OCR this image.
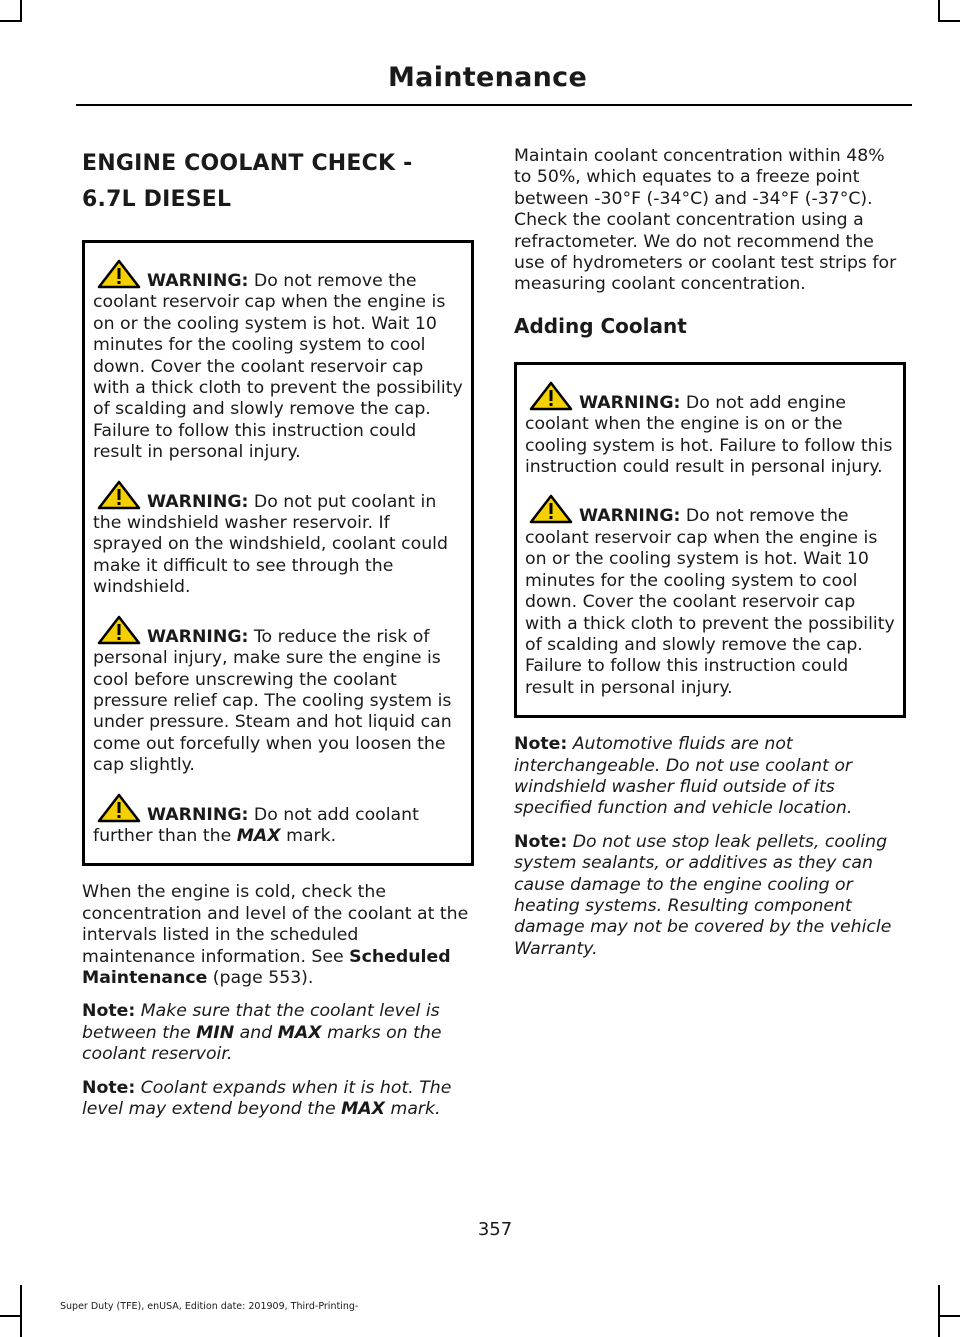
Maintenance
ENGINE COOLANT CHECK -
6.7L DIESEL
WARNING: Do not remove the coolant reservoir cap when the engine is on or the cooling system is hot. Wait 10 minutes for the cooling system to cool down. Cover the coolant reservoir cap with a thick cloth to prevent the possibility of scalding and slowly remove the cap. Failure to follow this instruction could result in personal injury.
WARNING: Do not put coolant in the windshield washer reservoir. If sprayed on the windshield, coolant could make it difficult to see through the windshield.
WARNING: To reduce the risk of personal injury, make sure the engine is cool before unscrewing the coolant pressure relief cap. The cooling system is under pressure. Steam and hot liquid can come out forcefully when you loosen the cap slightly.
WARNING: Do not add coolant further than the MAX mark.
When the engine is cold, check the concentration and level of the coolant at the intervals listed in the scheduled maintenance information. See Scheduled Maintenance (page 553).
Note: Make sure that the coolant level is between the MIN and MAX marks on the coolant reservoir.
Note: Coolant expands when it is hot. The level may extend beyond the MAX mark.
Maintain coolant concentration within 48% to 50%, which equates to a freeze point between -30°F (-34°C) and -34°F (-37°C). Check the coolant concentration using a refractometer. We do not recommend the use of hydrometers or coolant test strips for measuring coolant concentration.
Adding Coolant
WARNING: Do not add engine coolant when the engine is on or the cooling system is hot. Failure to follow this instruction could result in personal injury.
WARNING: Do not remove the coolant reservoir cap when the engine is on or the cooling system is hot. Wait 10 minutes for the cooling system to cool down. Cover the coolant reservoir cap with a thick cloth to prevent the possibility of scalding and slowly remove the cap. Failure to follow this instruction could result in personal injury.
Note: Automotive fluids are not interchangeable. Do not use coolant or windshield washer fluid outside of its specified function and vehicle location.
Note: Do not use stop leak pellets, cooling system sealants, or additives as they can cause damage to the engine cooling or heating systems. Resulting component damage may not be covered by the vehicle Warranty.
357
Super Duty (TFE), enUSA, Edition date: 201909, Third-Printing-
